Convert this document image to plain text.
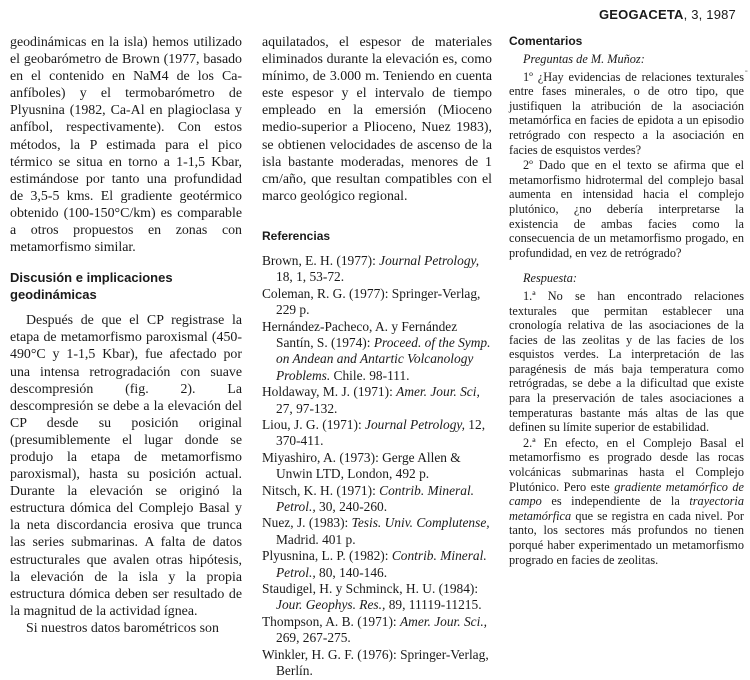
GEOGACETA, 3, 1987

geodinámicas en la isla) hemos utilizado el geobarómetro de Brown (1977, basado en el contenido en NaM4 de los Ca-anfíboles) y el termobarómetro de Plyusnina (1982, Ca-Al en plagioclasa y anfíbol, respectivamente). Con estos métodos, la P estimada para el pico térmico se situa en torno a 1-1,5 Kbar, estimándose por tanto una profundidad de 3,5-5 kms. El gradiente geotérmico obtenido (100-150°C/km) es comparable a otros propuestos en zonas con metamorfismo similar.

Discusión e implicaciones geodinámicas

Después de que el CP registrase la etapa de metamorfismo paroxismal (450-490°C y 1-1,5 Kbar), fue afectado por una intensa retrogradación con suave descompresión (fig. 2). La descompresión se debe a la elevación del CP desde su posición original (presumiblemente el lugar donde se produjo la etapa de metamorfismo paroxismal), hasta su posición actual. Durante la elevación se originó la estructura dómica del Complejo Basal y la neta discordancia erosiva que trunca las series submarinas. A falta de datos estructurales que avalen otras hipótesis, la elevación de la isla y la propia estructura dómica deben ser resultado de la magnitud de la actividad ígnea.

Si nuestros datos barométricos son

aquilatados, el espesor de materiales eliminados durante la elevación es, como mínimo, de 3.000 m. Teniendo en cuenta este espesor y el intervalo de tiempo empleado en la emersión (Mioceno medio-superior a Plioceno, Nuez 1983), se obtienen velocidades de ascenso de la isla bastante moderadas, menores de 1 cm/año, que resultan compatibles con el marco geológico regional.

Referencias

Brown, E. H. (1977): Journal Petrology, 18, 1, 53-72.

Coleman, R. G. (1977): Springer-Verlag, 229 p.

Hernández-Pacheco, A. y Fernández Santín, S. (1974): Proceed. of the Symp. on Andean and Antartic Volcanology Problems. Chile. 98-111.

Holdaway, M. J. (1971): Amer. Jour. Sci, 27, 97-132.

Liou, J. G. (1971): Journal Petrology, 12, 370-411.

Miyashiro, A. (1973): Gerge Allen & Unwin LTD, London, 492 p.

Nitsch, K. H. (1971): Contrib. Mineral. Petrol., 30, 240-260.

Nuez, J. (1983): Tesis. Univ. Complutense, Madrid. 401 p.

Plyusnina, L. P. (1982): Contrib. Mineral. Petrol., 80, 140-146.

Staudigel, H. y Schminck, H. U. (1984): Jour. Geophys. Res., 89, 11119-11215.

Thompson, A. B. (1971): Amer. Jour. Sci., 269, 267-275.

Winkler, H. G. F. (1976): Springer-Verlag, Berlín.

Comentarios

Preguntas de M. Muñoz:

1º ¿Hay evidencias de relaciones texturales entre fases minerales, o de otro tipo, que justifiquen la atribución de la asociación metamórfica en facies de epidota a un episodio retrógrado con respecto a la asociación en facies de esquistos verdes?

2º Dado que en el texto se afirma que el metamorfismo hidrotermal del complejo basal aumenta en intensidad hacia el complejo plutónico, ¿no debería interpretarse la existencia de ambas facies como la consecuencia de un metamorfismo progado, en profundidad, en vez de retrógrado?

Respuesta:

1.ª No se han encontrado relaciones texturales que permitan establecer una cronología relativa de las asociaciones de la facies de las zeolitas y de las facies de los esquistos verdes. La interpretación de las paragénesis de más baja temperatura como retrógradas, se debe a la dificultad que existe para la preservación de tales asociaciones a temperaturas bastante más altas de las que definen su límite superior de estabilidad.

2.ª En efecto, en el Complejo Basal el metamorfismo es progrado desde las rocas volcánicas submarinas hasta el Complejo Plutónico. Pero este gradiente metamórfico de campo es independiente de la trayectoria metamórfica que se registra en cada nivel. Por tanto, los sectores más profundos no tienen porqué haber experimentado un metamorfismo progrado en facies de zeolitas.

-
